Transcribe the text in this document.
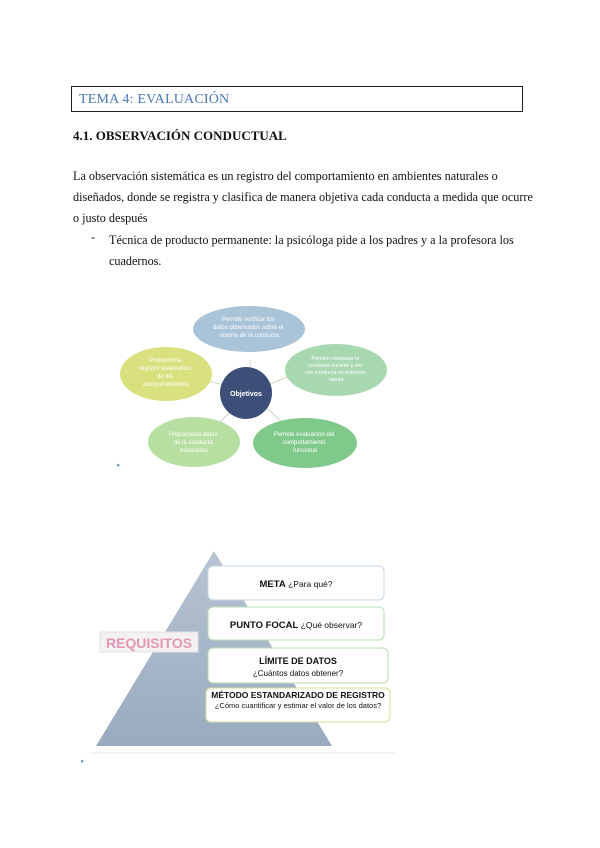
TEMA 4: EVALUACIÓN
4.1. OBSERVACIÓN CONDUCTUAL
La observación sistemática es un registro del comportamiento en ambientes naturales o diseñados, donde se registra y clasifica de manera objetiva cada conducta a medida que ocurre o justo después
- Técnica de producto permanente: la psicóloga pide a los padres y a la profesora los cuadernos.
Permite verificar los datos observados sobre el reporte de la conducta
Permite comparar la conducta durante y ent con conducta en entornos natura
Permite evaluación del comportamiento funcional
Proporciona datos de la conducta esperados
Proporciona registro sistemático de los comportamientos
Objetivos
▸
REQUISITOS
META ¿Para qué?
PUNTO FOCAL ¿Qué observar?
LÍMITE DE DATOS
¿Cuántos datos obtener?
MÉTODO ESTANDARIZADO DE REGISTRO
¿Cómo cuantificar y estimar el valor de los datos?
▸
